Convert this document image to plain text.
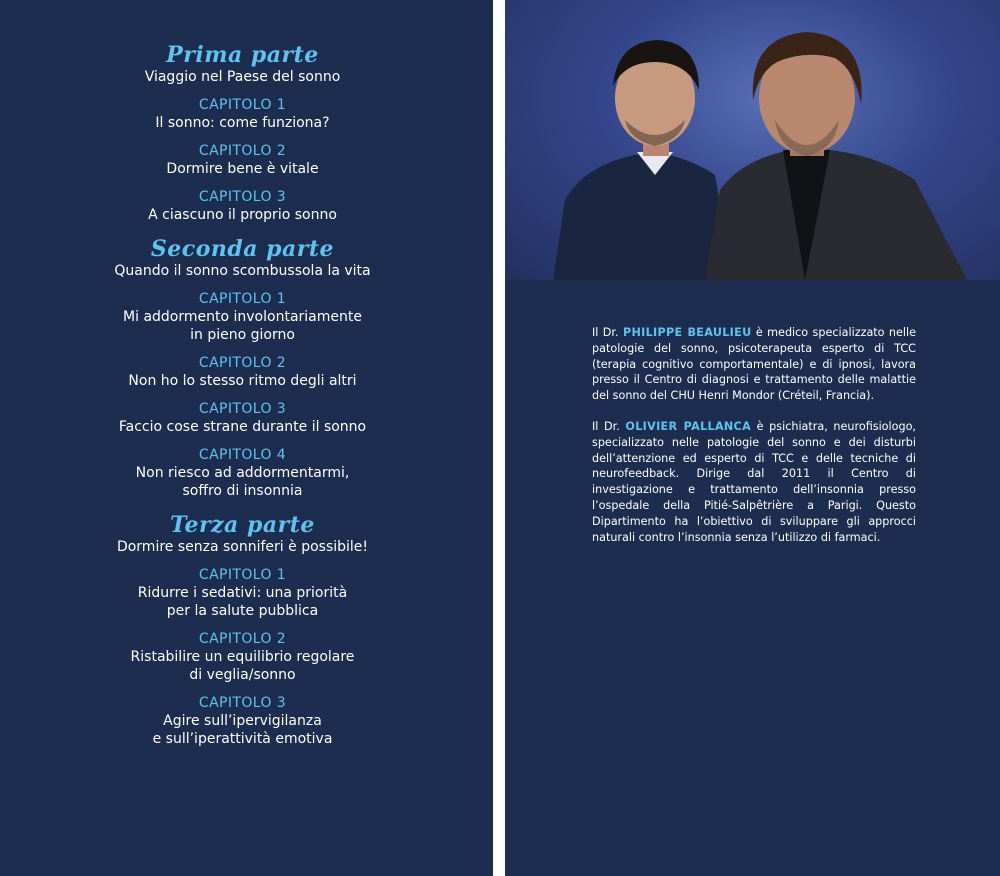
Prima parte
Viaggio nel Paese del sonno
CAPITOLO 1
Il sonno: come funziona?
CAPITOLO 2
Dormire bene è vitale
CAPITOLO 3
A ciascuno il proprio sonno
Seconda parte
Quando il sonno scombussola la vita
CAPITOLO 1
Mi addormento involontariamente
in pieno giorno
CAPITOLO 2
Non ho lo stesso ritmo degli altri
CAPITOLO 3
Faccio cose strane durante il sonno
CAPITOLO 4
Non riesco ad addormentarmi,
soffro di insonnia
Terza parte
Dormire senza sonniferi è possibile!
CAPITOLO 1
Ridurre i sedativi: una priorità
per la salute pubblica
CAPITOLO 2
Ristabilire un equilibrio regolare
di veglia/sonno
CAPITOLO 3
Agire sull’ipervigilanza
e sull’iperattività emotiva

Il Dr. PHILIPPE BEAULIEU è medico specializzato nelle patologie del sonno, psicoterapeuta esperto di TCC (terapia cognitivo comportamentale) e di ipnosi, lavora presso il Centro di diagnosi e trattamento delle malattie del sonno del CHU Henri Mondor (Créteil, Francia).

Il Dr. OLIVIER PALLANCA è psichiatra, neurofisiologo, specializzato nelle patologie del sonno e dei disturbi dell’attenzione ed esperto di TCC e delle tecniche di neurofeedback. Dirige dal 2011 il Centro di investigazione e trattamento dell’insonnia presso l’ospedale della Pitié-Salpêtrière a Parigi. Questo Dipartimento ha l’obiettivo di sviluppare gli approcci naturali contro l’insonnia senza l’utilizzo di farmaci.
